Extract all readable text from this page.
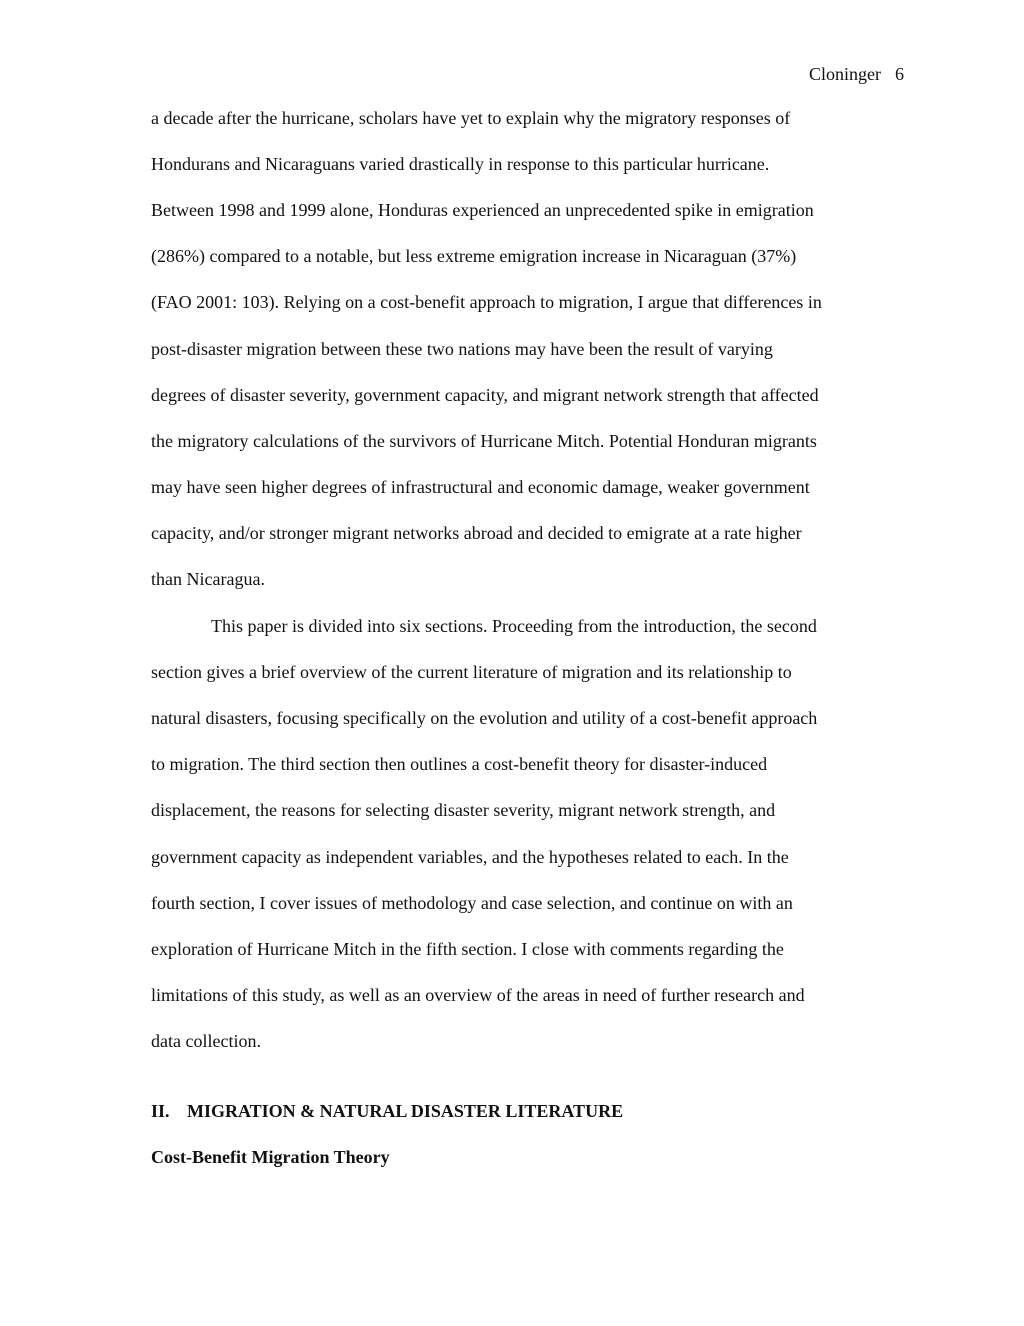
Cloninger 6
a decade after the hurricane, scholars have yet to explain why the migratory responses of
Hondurans and Nicaraguans varied drastically in response to this particular hurricane.
Between 1998 and 1999 alone, Honduras experienced an unprecedented spike in emigration
(286%) compared to a notable, but less extreme emigration increase in Nicaraguan (37%)
(FAO 2001: 103). Relying on a cost-benefit approach to migration, I argue that differences in
post-disaster migration between these two nations may have been the result of varying
degrees of disaster severity, government capacity, and migrant network strength that affected
the migratory calculations of the survivors of Hurricane Mitch. Potential Honduran migrants
may have seen higher degrees of infrastructural and economic damage, weaker government
capacity, and/or stronger migrant networks abroad and decided to emigrate at a rate higher
than Nicaragua.
This paper is divided into six sections. Proceeding from the introduction, the second
section gives a brief overview of the current literature of migration and its relationship to
natural disasters, focusing specifically on the evolution and utility of a cost-benefit approach
to migration. The third section then outlines a cost-benefit theory for disaster-induced
displacement, the reasons for selecting disaster severity, migrant network strength, and
government capacity as independent variables, and the hypotheses related to each. In the
fourth section, I cover issues of methodology and case selection, and continue on with an
exploration of Hurricane Mitch in the fifth section. I close with comments regarding the
limitations of this study, as well as an overview of the areas in need of further research and
data collection.
II. MIGRATION & NATURAL DISASTER LITERATURE
Cost-Benefit Migration Theory
